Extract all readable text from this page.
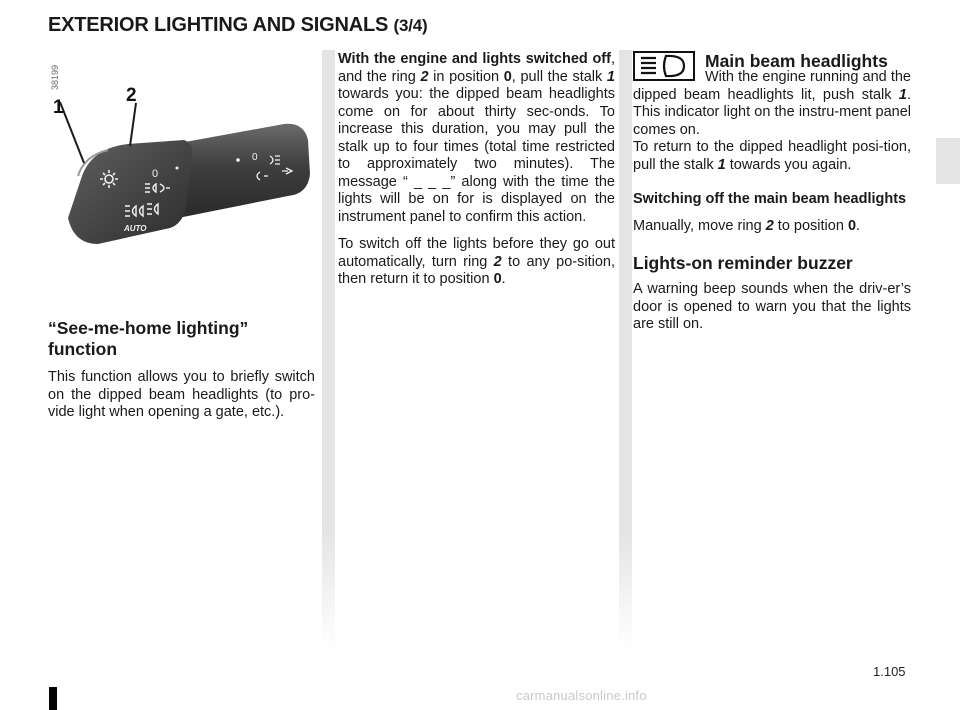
EXTERIOR LIGHTING AND SIGNALS (3/4)
38199
0
AUTO
0
1
2
“See-me-home lighting” function
This function allows you to briefly switch on the dipped beam headlights (to pro-vide light when opening a gate, etc.).

With the engine and lights switched off, and the ring 2 in position 0, pull the stalk 1 towards you: the dipped beam headlights come on for about thirty sec-onds. To increase this duration, you may pull the stalk up to four times (total time restricted to approximately two minutes). The message “ _ _ _” along with the time the lights will be on for is displayed on the instrument panel to confirm this action.

To switch off the lights before they go out automatically, turn ring 2 to any po-sition, then return it to position 0.

Main beam headlights

With the engine running and the dipped beam headlights lit, push stalk 1. This indicator light on the instru-ment panel comes on.

To return to the dipped headlight posi-tion, pull the stalk 1 towards you again.

Switching off the main beam headlights

Manually, move ring 2 to position 0.

Lights-on reminder buzzer

A warning beep sounds when the driv-er’s door is opened to warn you that the lights are still on.

1.105
carmanualsonline.info
